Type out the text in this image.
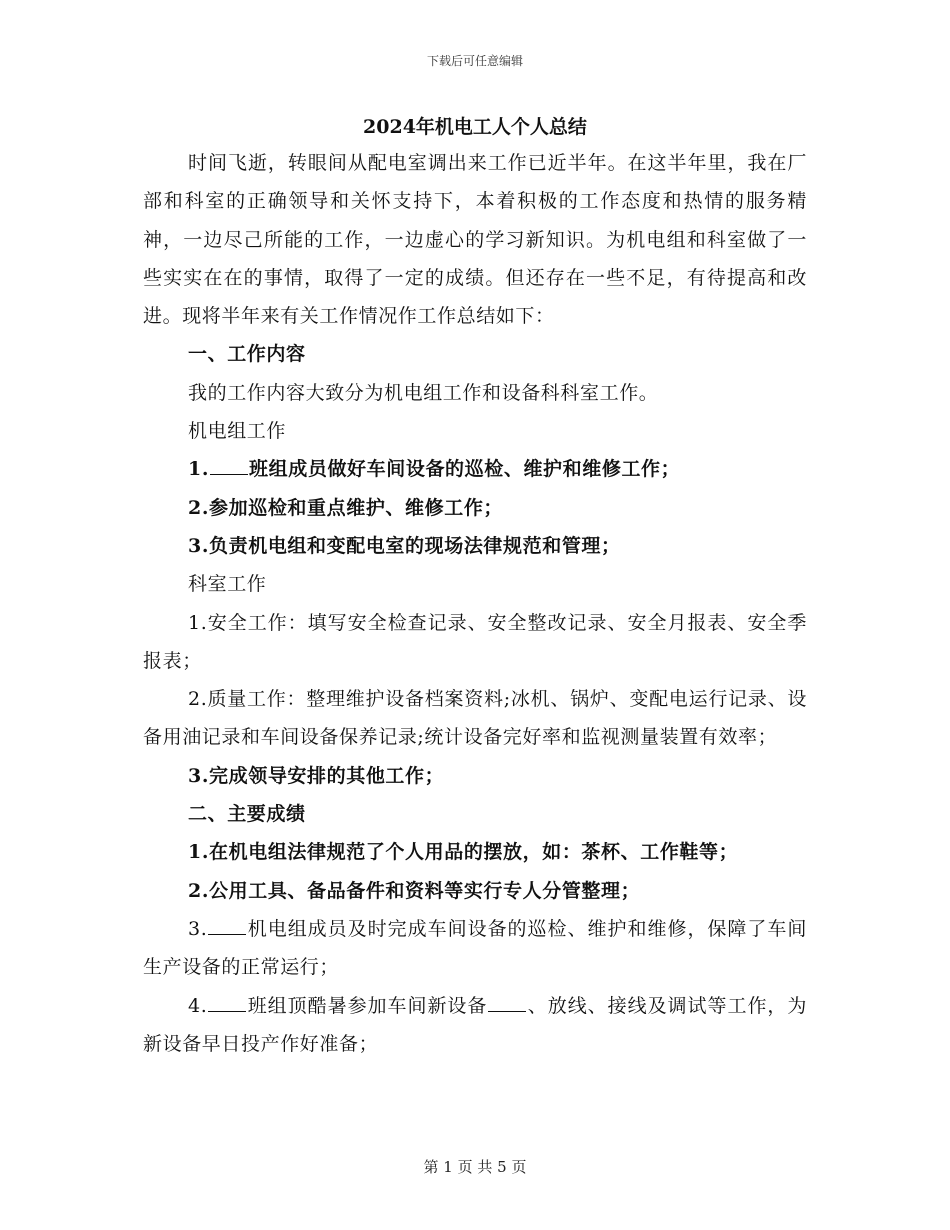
下载后可任意编辑
2024年机电工人个人总结

时间飞逝，转眼间从配电室调出来工作已近半年。在这半年里，我在厂部和科室的正确领导和关怀支持下，本着积极的工作态度和热情的服务精神，一边尽己所能的工作，一边虚心的学习新知识。为机电组和科室做了一些实实在在的事情，取得了一定的成绩。但还存在一些不足，有待提高和改进。现将半年来有关工作情况作工作总结如下：

一、工作内容

我的工作内容大致分为机电组工作和设备科科室工作。

机电组工作

1. 班组成员做好车间设备的巡检、维护和维修工作；

2.参加巡检和重点维护、维修工作；

3.负责机电组和变配电室的现场法律规范和管理；

科室工作

1.安全工作：填写安全检查记录、安全整改记录、安全月报表、安全季报表；

2.质量工作：整理维护设备档案资料;冰机、锅炉、变配电运行记录、设备用油记录和车间设备保养记录;统计设备完好率和监视测量装置有效率；

3.完成领导安排的其他工作；

二、主要成绩

1.在机电组法律规范了个人用品的摆放，如：茶杯、工作鞋等；

2.公用工具、备品备件和资料等实行专人分管整理；

3. 机电组成员及时完成车间设备的巡检、维护和维修，保障了车间生产设备的正常运行；

4. 班组顶酷暑参加车间新设备 、放线、接线及调试等工作，为新设备早日投产作好准备；

第 1 页 共 5 页
